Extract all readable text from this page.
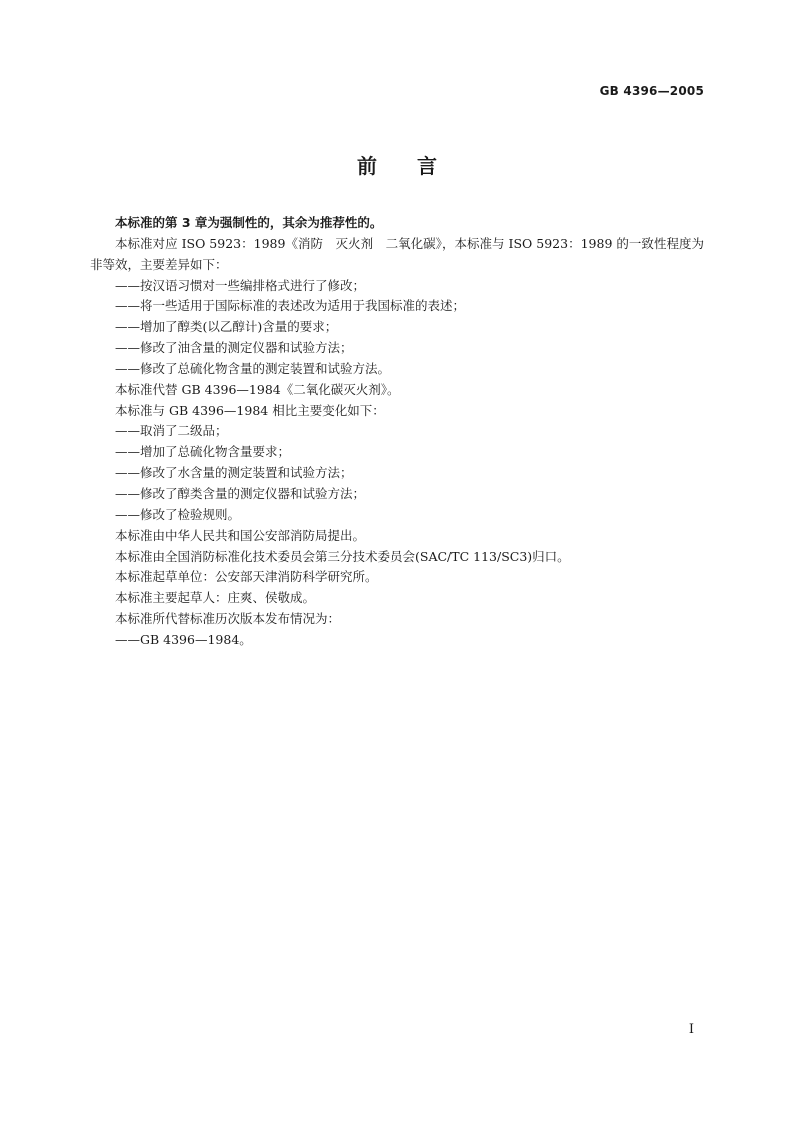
GB 4396—2005
前言

本标准的第 3 章为强制性的，其余为推荐性的。

本标准对应 ISO 5923：1989《消防　灭火剂　二氧化碳》，本标准与 ISO 5923：1989 的一致性程度为非等效，主要差异如下：

——按汉语习惯对一些编排格式进行了修改；

——将一些适用于国际标准的表述改为适用于我国标准的表述；

——增加了醇类(以乙醇计)含量的要求；

——修改了油含量的测定仪器和试验方法；

——修改了总硫化物含量的测定装置和试验方法。

本标准代替 GB 4396—1984《二氧化碳灭火剂》。

本标准与 GB 4396—1984 相比主要变化如下：

——取消了二级品；

——增加了总硫化物含量要求；

——修改了水含量的测定装置和试验方法；

——修改了醇类含量的测定仪器和试验方法；

——修改了检验规则。

本标准由中华人民共和国公安部消防局提出。

本标准由全国消防标准化技术委员会第三分技术委员会(SAC/TC 113/SC3)归口。

本标准起草单位：公安部天津消防科学研究所。

本标准主要起草人：庄爽、侯敬成。

本标准所代替标准历次版本发布情况为：

——GB 4396—1984。

I
